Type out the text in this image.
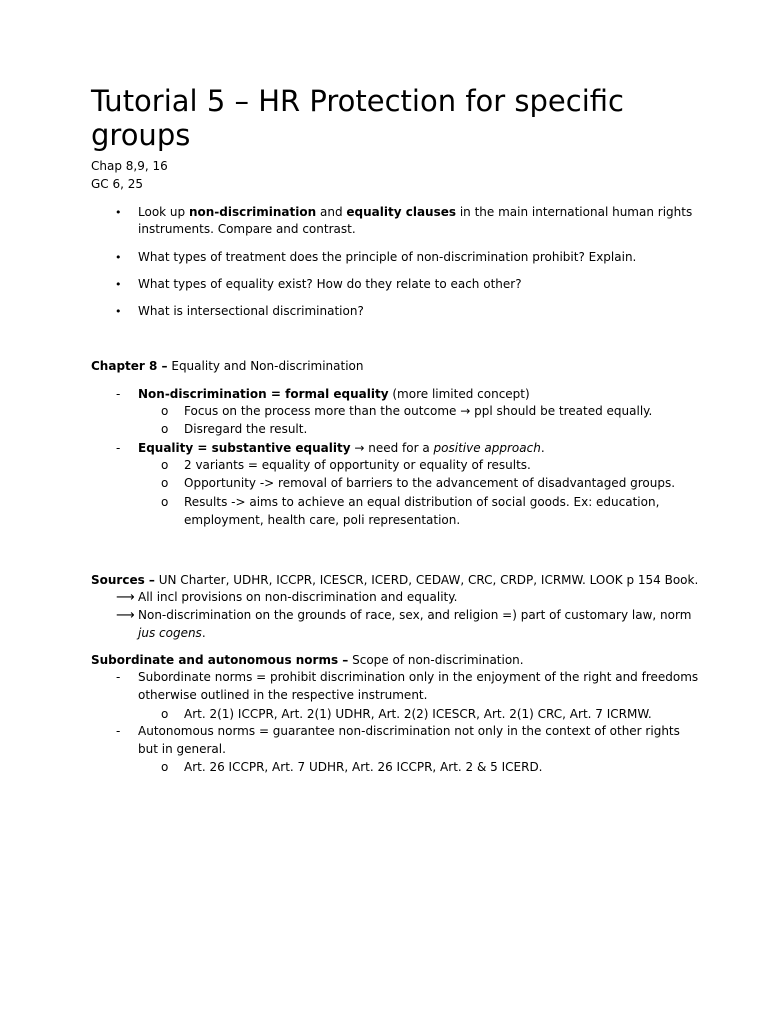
Tutorial 5 – HR Protection for specific groups
Chap 8,9, 16
GC 6, 25
• Look up non-discrimination and equality clauses in the main international human rights
instruments. Compare and contrast.
• What types of treatment does the principle of non-discrimination prohibit? Explain.
• What types of equality exist? How do they relate to each other?
• What is intersectional discrimination?
Chapter 8 – Equality and Non-discrimination
- Non-discrimination = formal equality (more limited concept)
o Focus on the process more than the outcome → ppl should be treated equally.
o Disregard the result.
- Equality = substantive equality → need for a positive approach.
o 2 variants = equality of opportunity or equality of results.
o Opportunity -> removal of barriers to the advancement of disadvantaged groups.
o Results -> aims to achieve an equal distribution of social goods. Ex: education,
employment, health care, poli representation.
Sources – UN Charter, UDHR, ICCPR, ICESCR, ICERD, CEDAW, CRC, CRDP, ICRMW. LOOK p 154 Book.
⟶ All incl provisions on non-discrimination and equality.
⟶ Non-discrimination on the grounds of race, sex, and religion =) part of customary law, norm
jus cogens.
Subordinate and autonomous norms – Scope of non-discrimination.
- Subordinate norms = prohibit discrimination only in the enjoyment of the right and freedoms
otherwise outlined in the respective instrument.
o Art. 2(1) ICCPR, Art. 2(1) UDHR, Art. 2(2) ICESCR, Art. 2(1) CRC, Art. 7 ICRMW.
- Autonomous norms = guarantee non-discrimination not only in the context of other rights
but in general.
o Art. 26 ICCPR, Art. 7 UDHR, Art. 26 ICCPR, Art. 2 & 5 ICERD.
